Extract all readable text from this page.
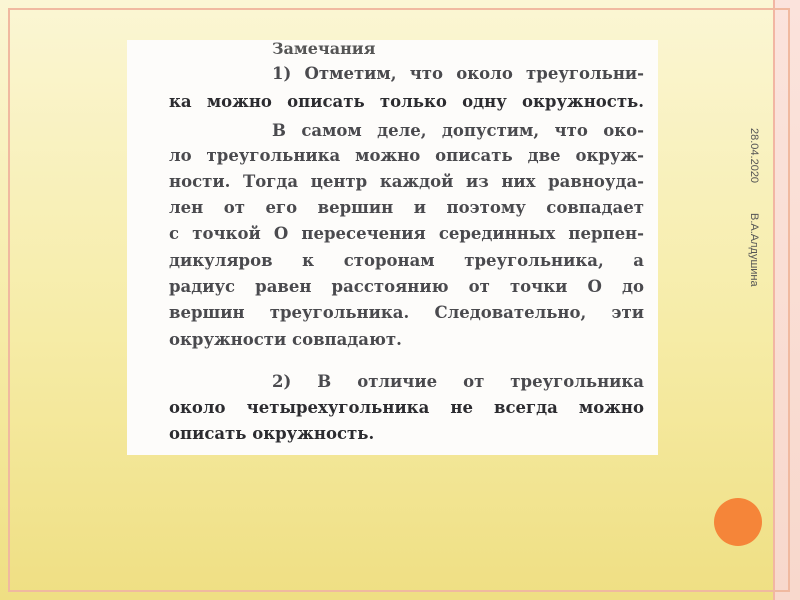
Замечания
1) Отметим, что около треугольни-
ка можно описать только одну окружность.
В самом деле, допустим, что око-
ло треугольника можно описать две окруж-
ности. Тогда центр каждой из них равноуда-
лен от его вершин и поэтому совпадает
с точкой O пересечения серединных перпен-
дикуляров к сторонам треугольника, а
радиус равен расстоянию от точки O до
вершин треугольника. Следовательно, эти
окружности совпадают.
2) В отличие от треугольника
около четырехугольника не всегда можно
описать окружность.
28.04.2020
В.А.Алдушина
